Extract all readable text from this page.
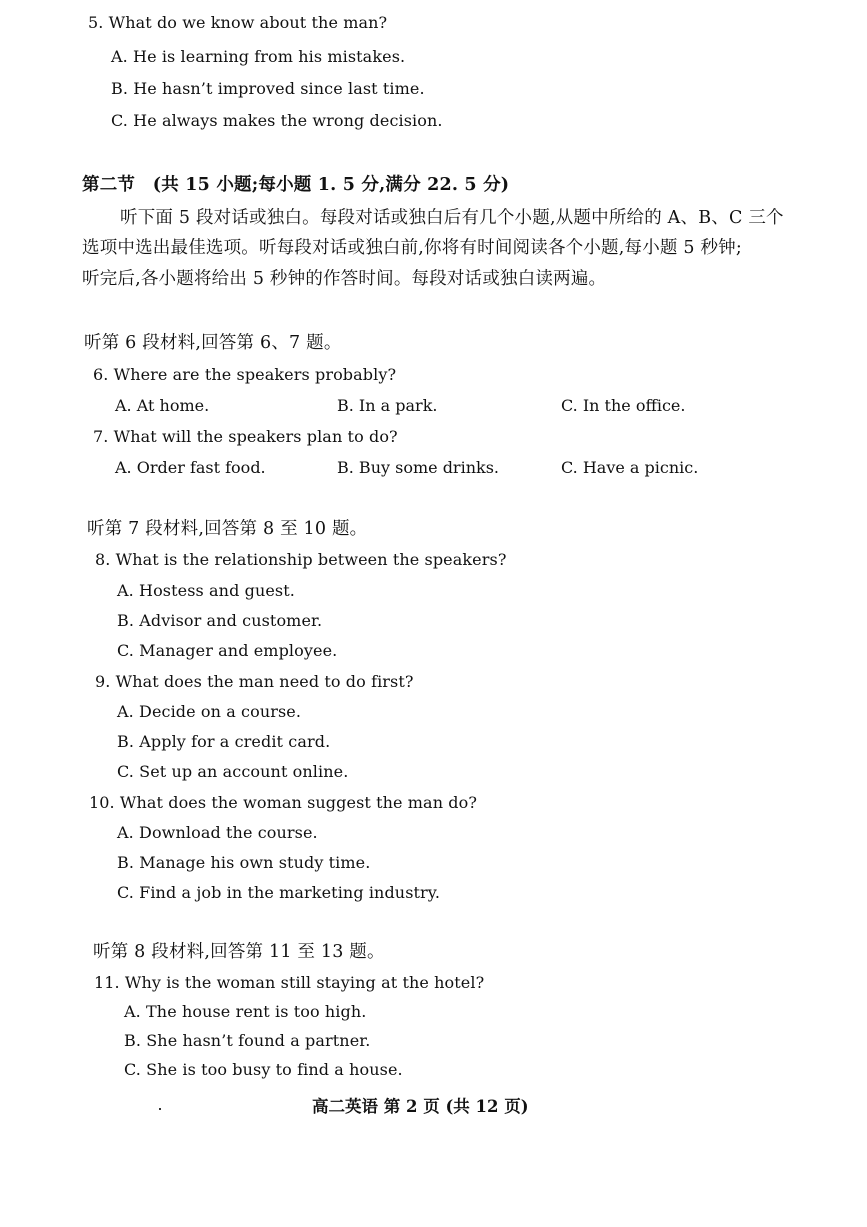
5. What do we know about the man?
A. He is learning from his mistakes.
B. He hasn’t improved since last time.
C. He always makes the wrong decision.
第二节　(共 15 小题;每小题 1. 5 分,满分 22. 5 分)
听下面 5 段对话或独白。每段对话或独白后有几个小题,从题中所给的 A、B、C 三个
选项中选出最佳选项。听每段对话或独白前,你将有时间阅读各个小题,每小题 5 秒钟;
听完后,各小题将给出 5 秒钟的作答时间。每段对话或独白读两遍。
听第 6 段材料,回答第 6、7 题。
6. Where are the speakers probably?
A. At home.	B. In a park.	C. In the office.
7. What will the speakers plan to do?
A. Order fast food.	B. Buy some drinks.	C. Have a picnic.
听第 7 段材料,回答第 8 至 10 题。
8. What is the relationship between the speakers?
A. Hostess and guest.
B. Advisor and customer.
C. Manager and employee.
9. What does the man need to do first?
A. Decide on a course.
B. Apply for a credit card.
C. Set up an account online.
10. What does the woman suggest the man do?
A. Download the course.
B. Manage his own study time.
C. Find a job in the marketing industry.
听第 8 段材料,回答第 11 至 13 题。
11. Why is the woman still staying at the hotel?
A. The house rent is too high.
B. She hasn’t found a partner.
C. She is too busy to find a house.
高二英语 第 2 页 (共 12 页)
